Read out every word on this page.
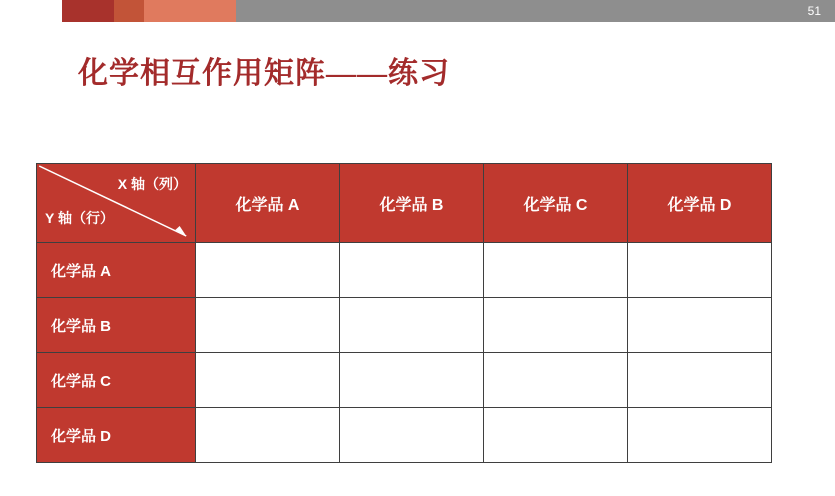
51
化学相互作用矩阵——练习
X 轴（列）
Y 轴（行）	化学品 A	化学品 B	化学品 C	化学品 D
化学品 A				
化学品 B				
化学品 C				
化学品 D				
